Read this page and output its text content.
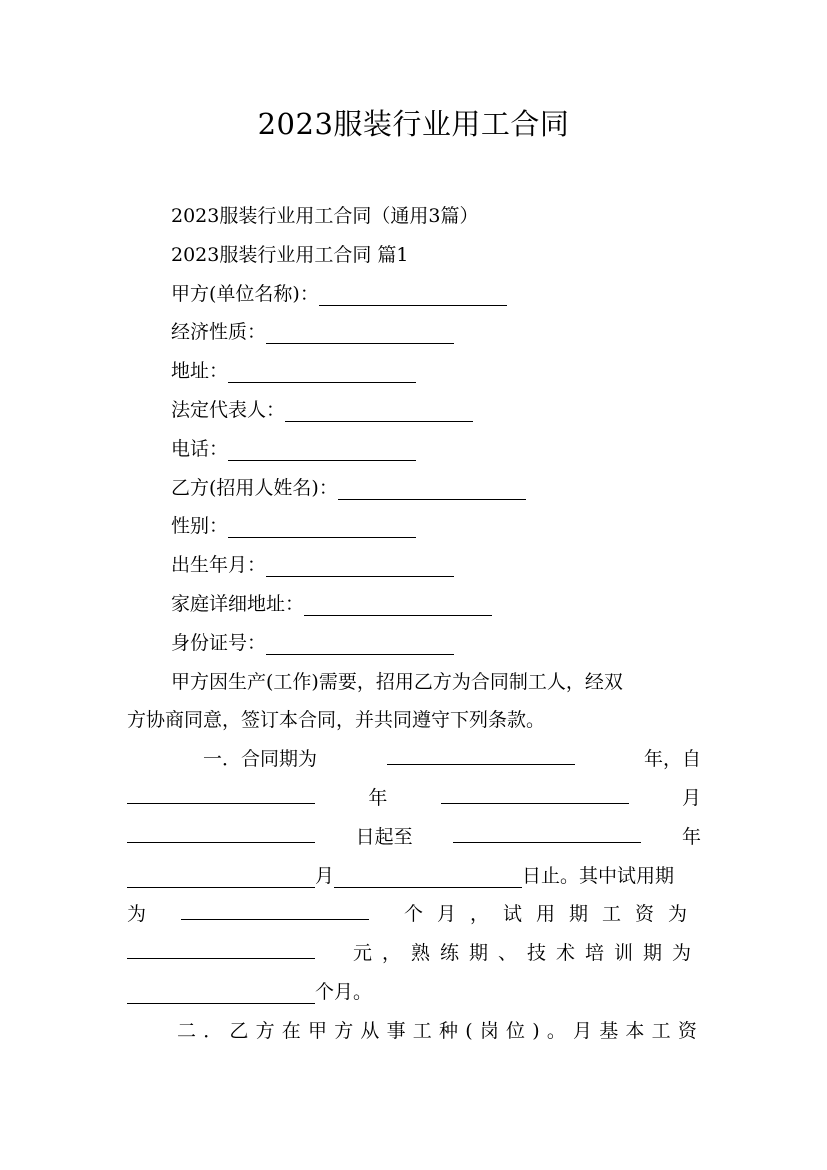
2023服装行业用工合同
2023服装行业用工合同（通用3篇）
2023服装行业用工合同 篇1
甲方(单位名称)：
经济性质：
地址：
法定代表人：
电话：
乙方(招用人姓名)：
性别：
出生年月：
家庭详细地址：
身份证号：
甲方因生产(工作)需要，招用乙方为合同制工人，经双
方协商同意，签订本合同，并共同遵守下列条款。
一．合同期为	年，自
年	月
日起至	年
月	日止。其中试用期
为	个月，试用期工资为
元，熟练期、技术培训期为
个月。
二．乙方在甲方从事工种(岗位)。月基本工资
